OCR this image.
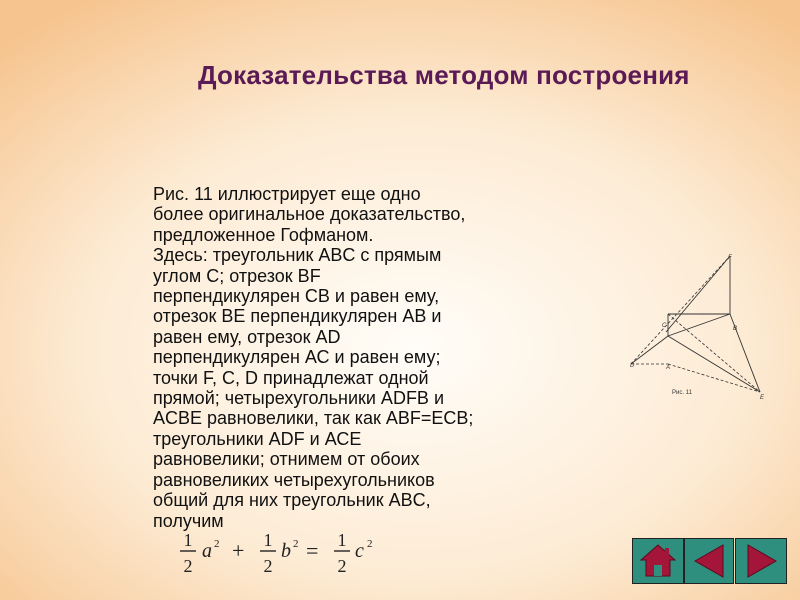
Доказательства методом построения
Рис. 11 иллюстрирует еще одно
более оригинальное доказательство,
предложенное Гофманом.
Здесь: треугольник ABC с прямым
углом С; отрезок BF
перпендикулярен СВ и равен ему,
отрезок BE перпендикулярен АВ и
равен ему, отрезок AD
перпендикулярен АС и равен ему;
точки F, С, D принадлежат одной
прямой; четырехугольники ADFB и
ACBE равновелики, так как ABF=ЕСВ;
треугольники ADF и АСЕ
равновелики; отнимем от обоих
равновеликих четырехугольников
общий для них треугольник ABC,
получим
1
2
a 2 + 1
2
b 2 = 1
2
c 2
F
C	B
D	A
E
Рис. 11
